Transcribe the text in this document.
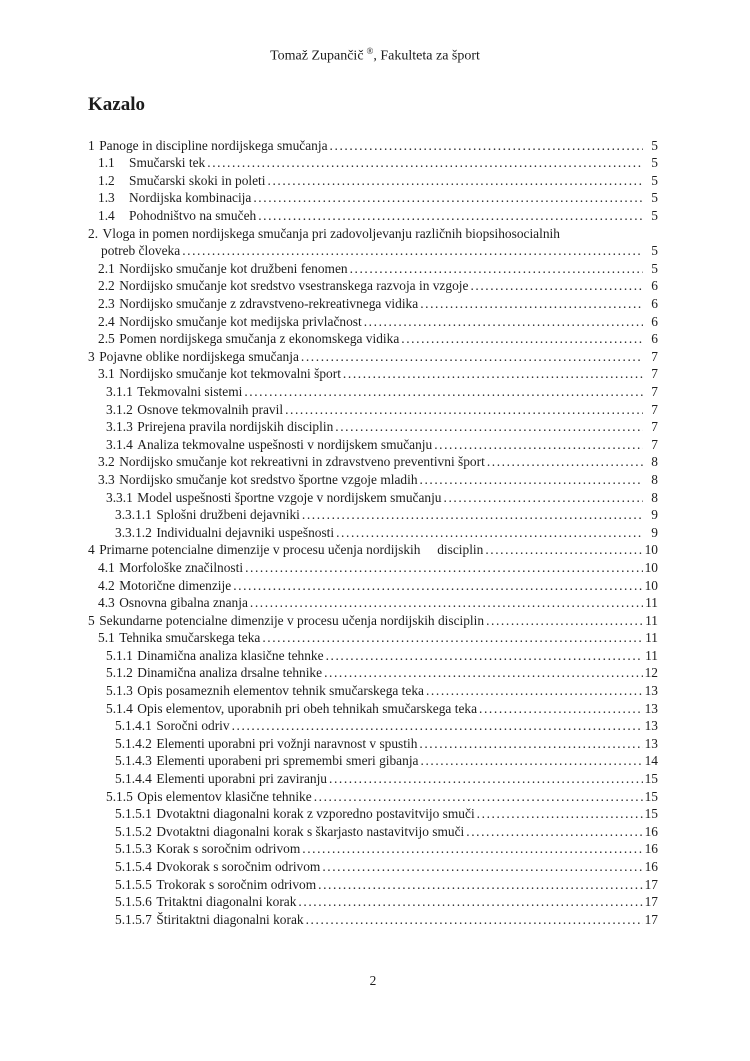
Tomaž Zupančič ®, Fakulteta za šport
Kazalo
1 Panoge in discipline nordijskega smučanja .....	5
1.1	Smučarski tek .....	5
1.2	Smučarski skoki in poleti .....	5
1.3	Nordijska kombinacija .....	5
1.4	Pohodništvo na smučeh .....	5
2. Vloga in pomen nordijskega smučanja pri zadovoljevanju različnih biopsihosocialnih
potreb človeka .....	5
2.1 Nordijsko smučanje kot družbeni fenomen .....	5
2.2 Nordijsko smučanje kot sredstvo vsestranskega razvoja in vzgoje .....	6
2.3 Nordijsko smučanje z zdravstveno-rekreativnega vidika .....	6
2.4 Nordijsko smučanje kot medijska privlačnost .....	6
2.5 Pomen nordijskega smučanja z ekonomskega vidika .....	6
3 Pojavne oblike nordijskega smučanja .....	7
3.1 Nordijsko smučanje kot tekmovalni šport .....	7
3.1.1 Tekmovalni sistemi .....	7
3.1.2 Osnove tekmovalnih pravil .....	7
3.1.3 Prirejena pravila nordijskih disciplin .....	7
3.1.4 Analiza tekmovalne uspešnosti v nordijskem smučanju .....	7
3.2 Nordijsko smučanje kot rekreativni in zdravstveno preventivni šport .....	8
3.3 Nordijsko smučanje kot sredstvo športne vzgoje mladih .....	8
3.3.1 Model uspešnosti športne vzgoje v nordijskem smučanju .....	8
3.3.1.1 Splošni družbeni dejavniki .....	9
3.3.1.2 Individualni dejavniki uspešnosti .....	9
4 Primarne potencialne dimenzije v procesu učenja nordijskih     disciplin .....	10
4.1 Morfološke značilnosti .....	10
4.2 Motorične dimenzije .....	10
4.3 Osnovna gibalna znanja .....	11
5 Sekundarne potencialne dimenzije v procesu učenja nordijskih disciplin .....	11
5.1 Tehnika smučarskega teka .....	11
5.1.1 Dinamična analiza klasične tehnke .....	11
5.1.2 Dinamična analiza drsalne tehnike .....	12
5.1.3 Opis posameznih elementov tehnik smučarskega teka .....	13
5.1.4 Opis elementov, uporabnih pri obeh tehnikah smučarskega teka .....	13
5.1.4.1 Soročni odriv .....	13
5.1.4.2 Elementi uporabni pri vožnji naravnost v spustih .....	13
5.1.4.3 Elementi uporabeni pri spremembi smeri gibanja .....	14
5.1.4.4 Elementi uporabni pri zaviranju .....	15
5.1.5 Opis elementov klasične tehnike .....	15
5.1.5.1 Dvotaktni diagonalni korak z vzporedno postavitvijo smuči .....	15
5.1.5.2 Dvotaktni diagonalni korak s škarjasto nastavitvijo smuči .....	16
5.1.5.3 Korak s soročnim odrivom .....	16
5.1.5.4 Dvokorak s soročnim odrivom .....	16
5.1.5.5 Trokorak s soročnim odrivom .....	17
5.1.5.6 Tritaktni diagonalni korak .....	17
5.1.5.7 Štiritaktni diagonalni korak .....	17
2
